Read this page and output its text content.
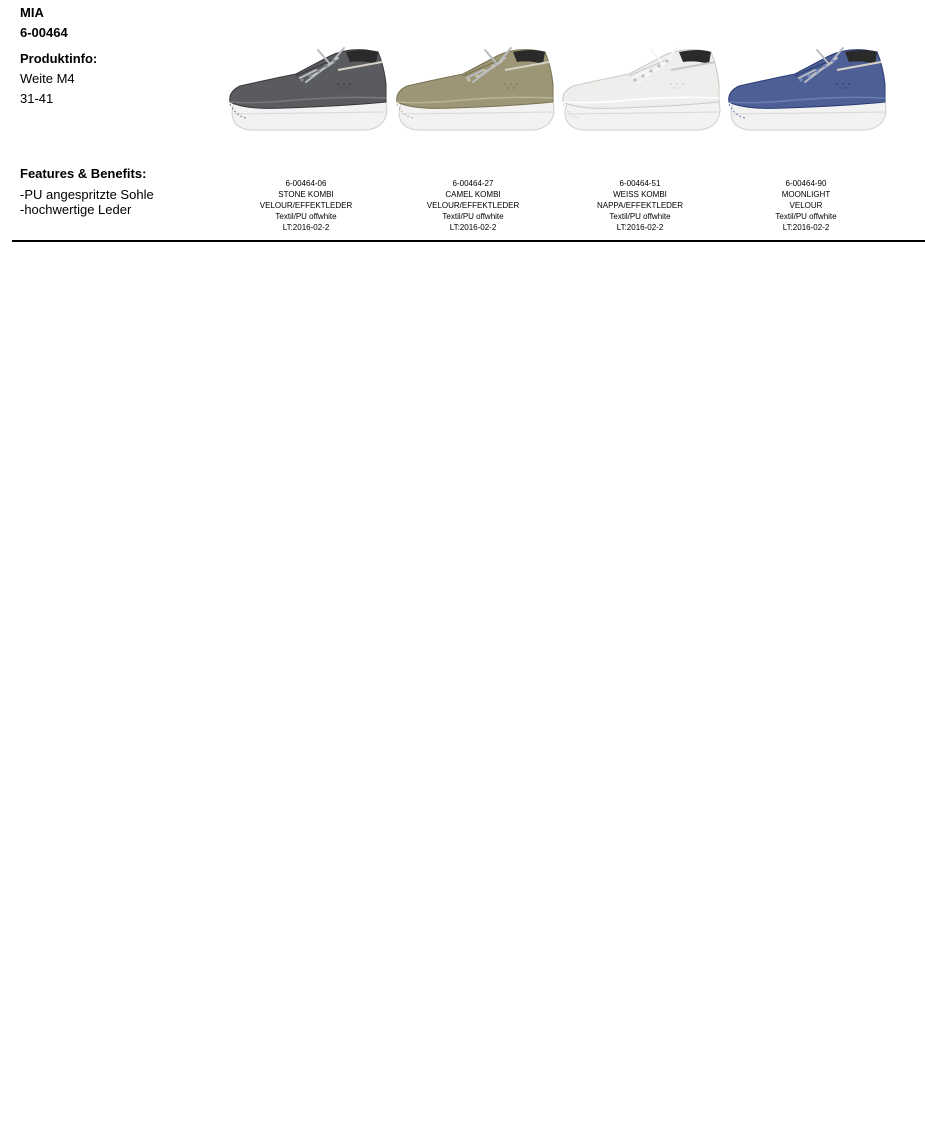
MIA
6-00464
Produktinfo:
Weite M4
31-41
Features & Benefits:
-PU angespritzte Sohle
-hochwertige Leder
6-00464-06
STONE KOMBI
VELOUR/EFFEKTLEDER
Textil/PU offwhite
LT:2016-02-2
6-00464-27
CAMEL KOMBI
VELOUR/EFFEKTLEDER
Textil/PU offwhite
LT:2016-02-2
6-00464-51
WEISS KOMBI
NAPPA/EFFEKTLEDER
Textil/PU offwhite
LT:2016-02-2
6-00464-90
MOONLIGHT
VELOUR
Textil/PU offwhite
LT:2016-02-2
